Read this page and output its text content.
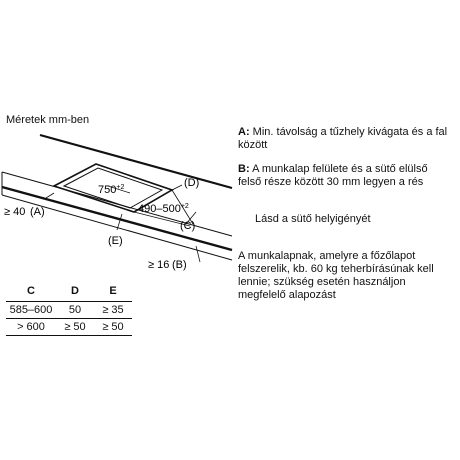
Méretek mm-ben
$750^{+2}$
$490-500^{+2}$
(D)
≥ 40 (A)
(E)
(C)
≥ 16 (B)

A: Min. távolság a tűzhely kivágata és a fal között

B: A munkalap felülete és a sütő elülső felső része között 30 mm legyen a rés

Lásd a sütő helyigényét

A munkalapnak, amelyre a főzőlapot felszerelik, kb. 60 kg teherbírásúnak kell lennie; szükség esetén használjon megfelelő alapozást

C	D	E
585–600	50	≥ 35
> 600	≥ 50	≥ 50
